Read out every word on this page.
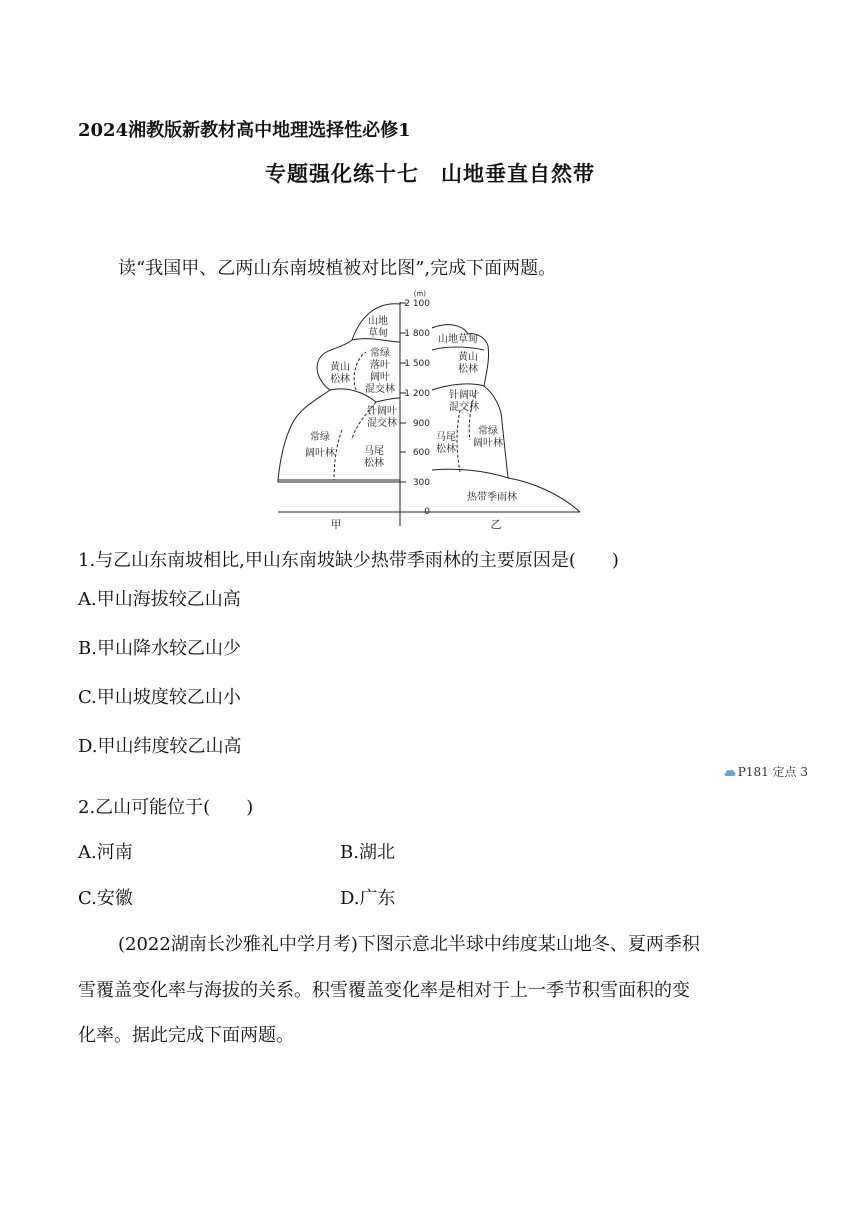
2024湘教版新教材高中地理选择性必修1
专题强化练十七　山地垂直自然带
读“我国甲、乙两山东南坡植被对比图”,完成下面两题。
(m)
2 100
1 800
1 500
1 200
900
600
300
0
山地
草甸
黄山
松林
常绿
落叶
阔叶
混交林
针阔叶
混交林
常绿
阔叶林	马尾
松林
山地草甸
黄山
松林
针阔叶
混交林
马尾
松林
常绿
阔叶林
热带季雨林
甲	乙
1.与乙山东南坡相比,甲山东南坡缺少热带季雨林的主要原因是(　　)
A.甲山海拔较乙山高
B.甲山降水较乙山少
C.甲山坡度较乙山小
D.甲山纬度较乙山高
P181 定点 3
2.乙山可能位于(　　)
A.河南	B.湖北
C.安徽	D.广东
(2022湖南长沙雅礼中学月考)下图示意北半球中纬度某山地冬、夏两季积
雪覆盖变化率与海拔的关系。积雪覆盖变化率是相对于上一季节积雪面积的变
化率。据此完成下面两题。
